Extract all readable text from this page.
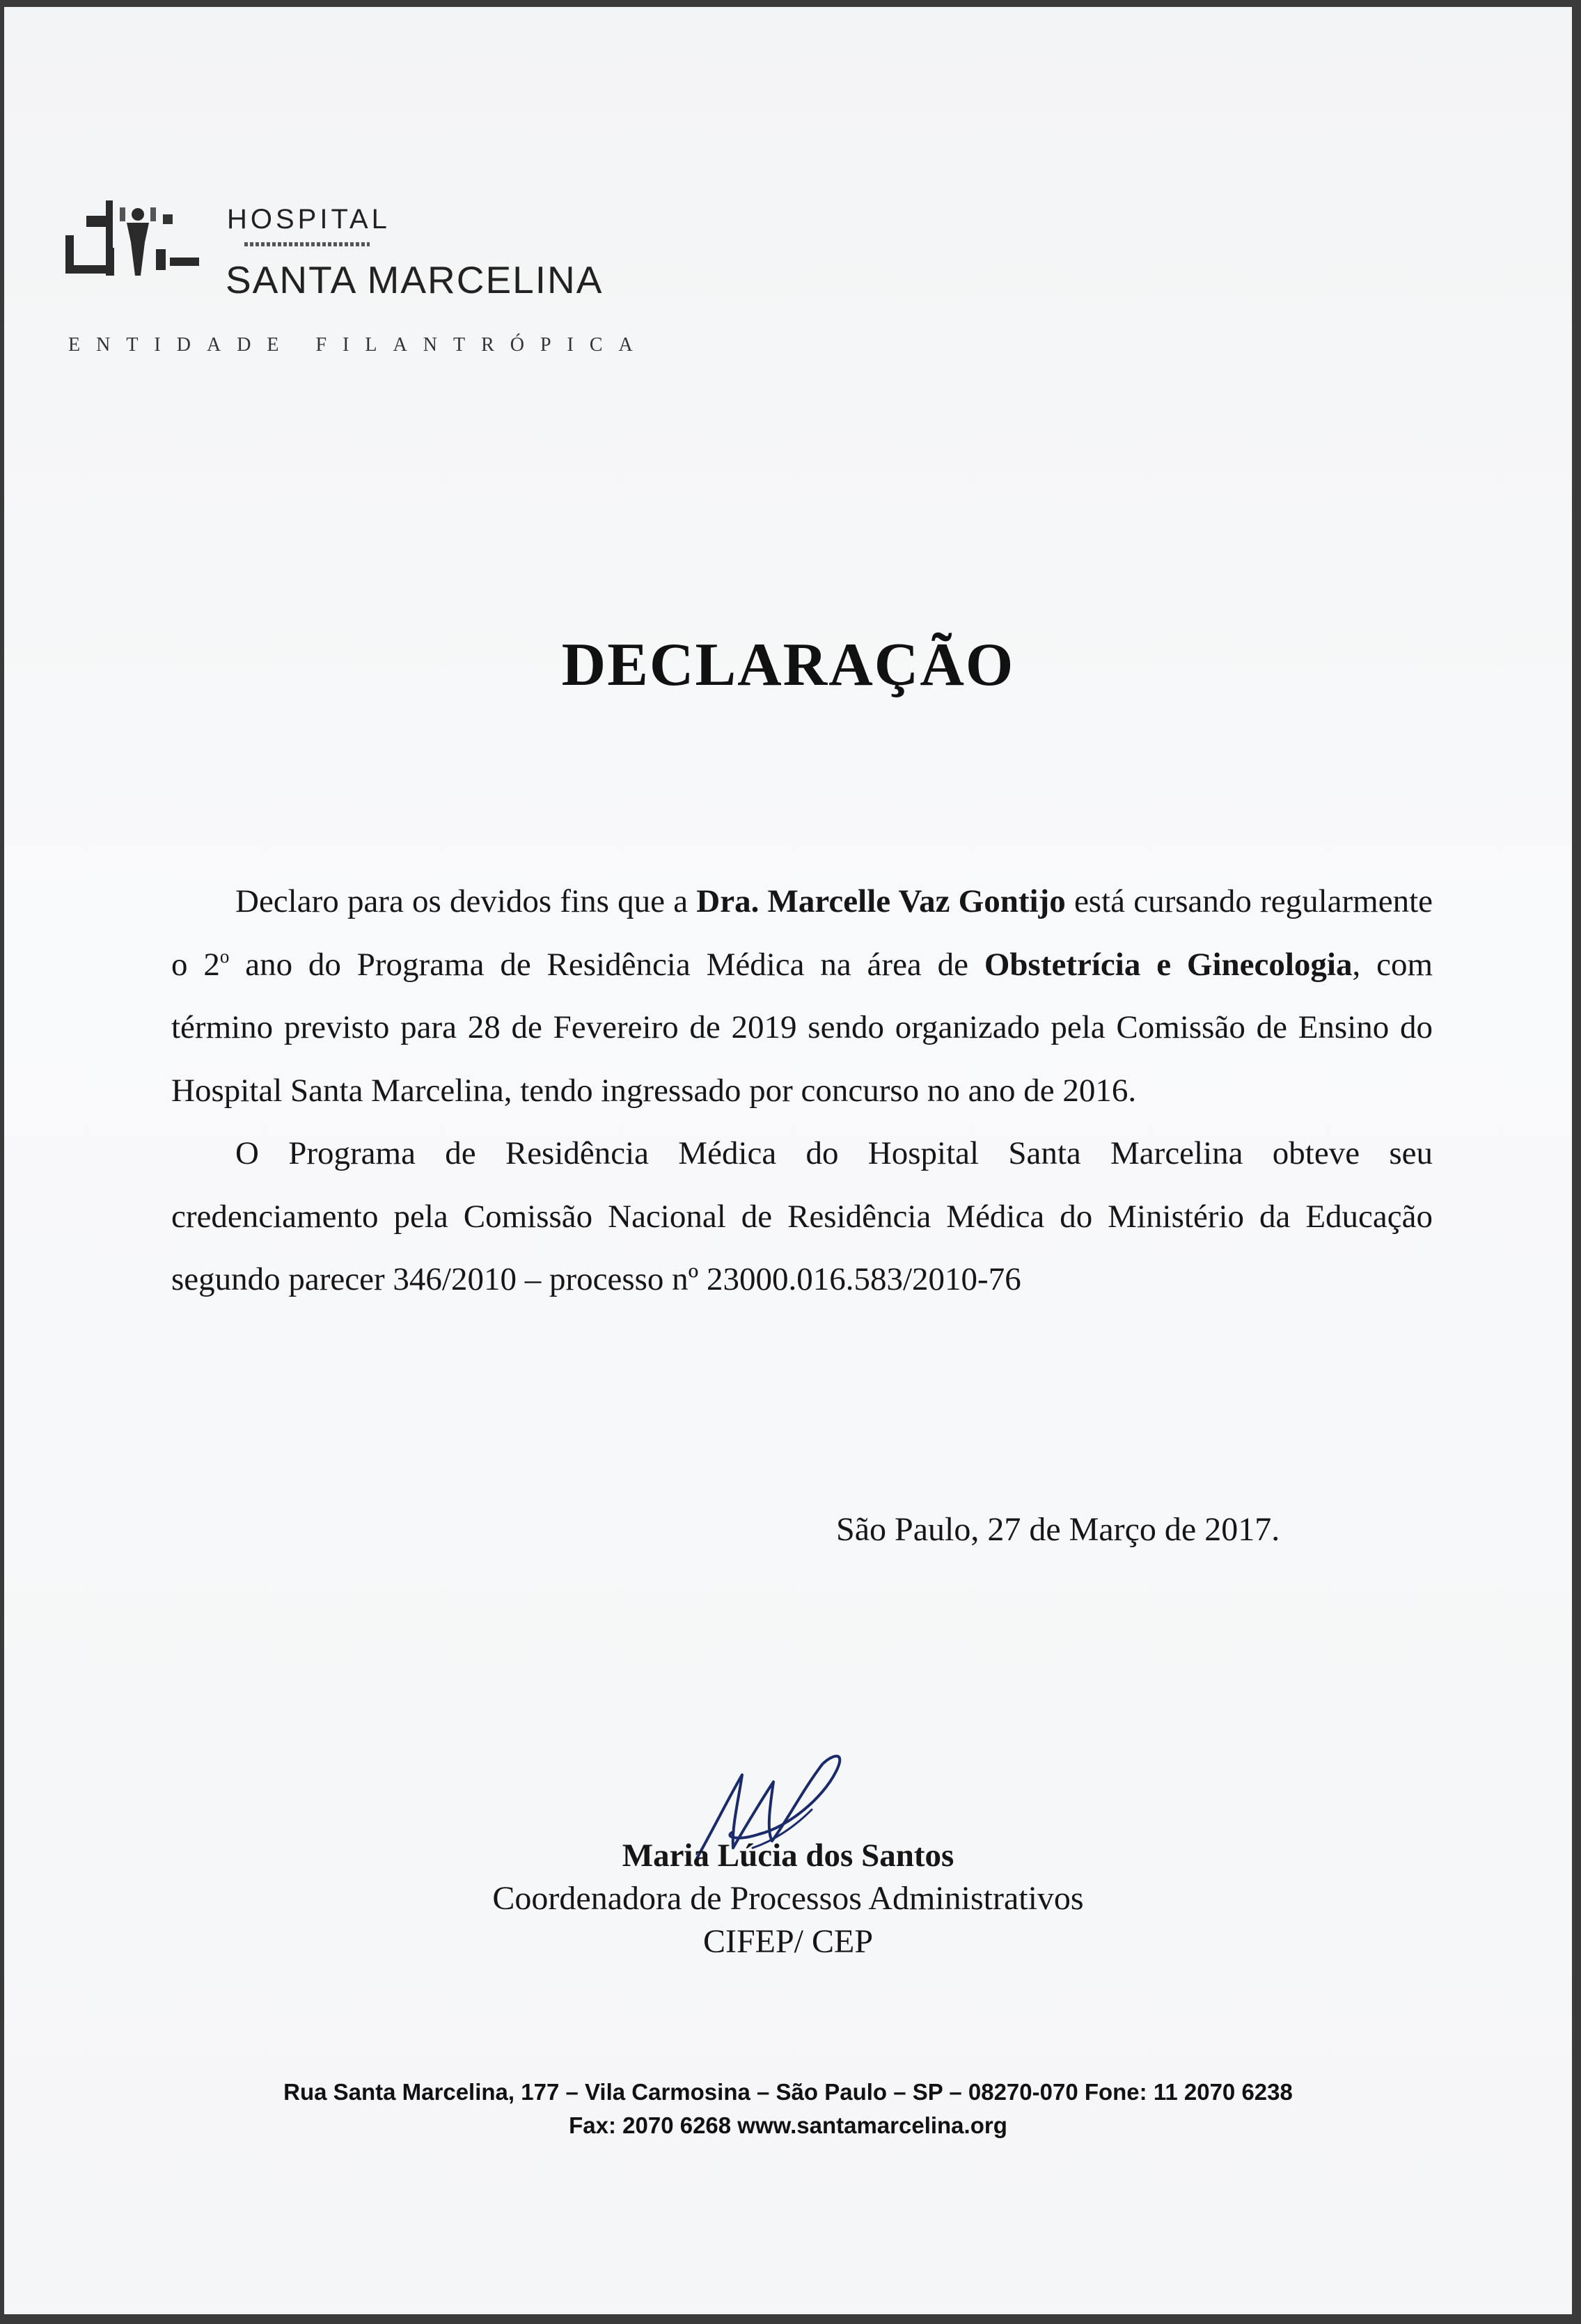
HOSPITAL
SANTA MARCELINA
ENTIDADE FILANTRÓPICA
DECLARAÇÃO

Declaro para os devidos fins que a Dra. Marcelle Vaz Gontijo está cursando regularmente o 2$^o$ ano do Programa de Residência Médica na área de Obstetrícia e Ginecologia, com término previsto para 28 de Fevereiro de 2019 sendo organizado pela Comissão de Ensino do Hospital Santa Marcelina, tendo ingressado por concurso no ano de 2016.

O Programa de Residência Médica do Hospital Santa Marcelina obteve seu credenciamento pela Comissão Nacional de Residência Médica do Ministério da Educação segundo parecer 346/2010 – processo nº 23000.016.583/2010-76

São Paulo, 27 de Março de 2017.
Maria Lúcia dos Santos
Coordenadora de Processos Administrativos
CIFEP/ CEP
Rua Santa Marcelina, 177 – Vila Carmosina – São Paulo – SP – 08270-070 Fone: 11 2070 6238
Fax: 2070 6268 www.santamarcelina.org
